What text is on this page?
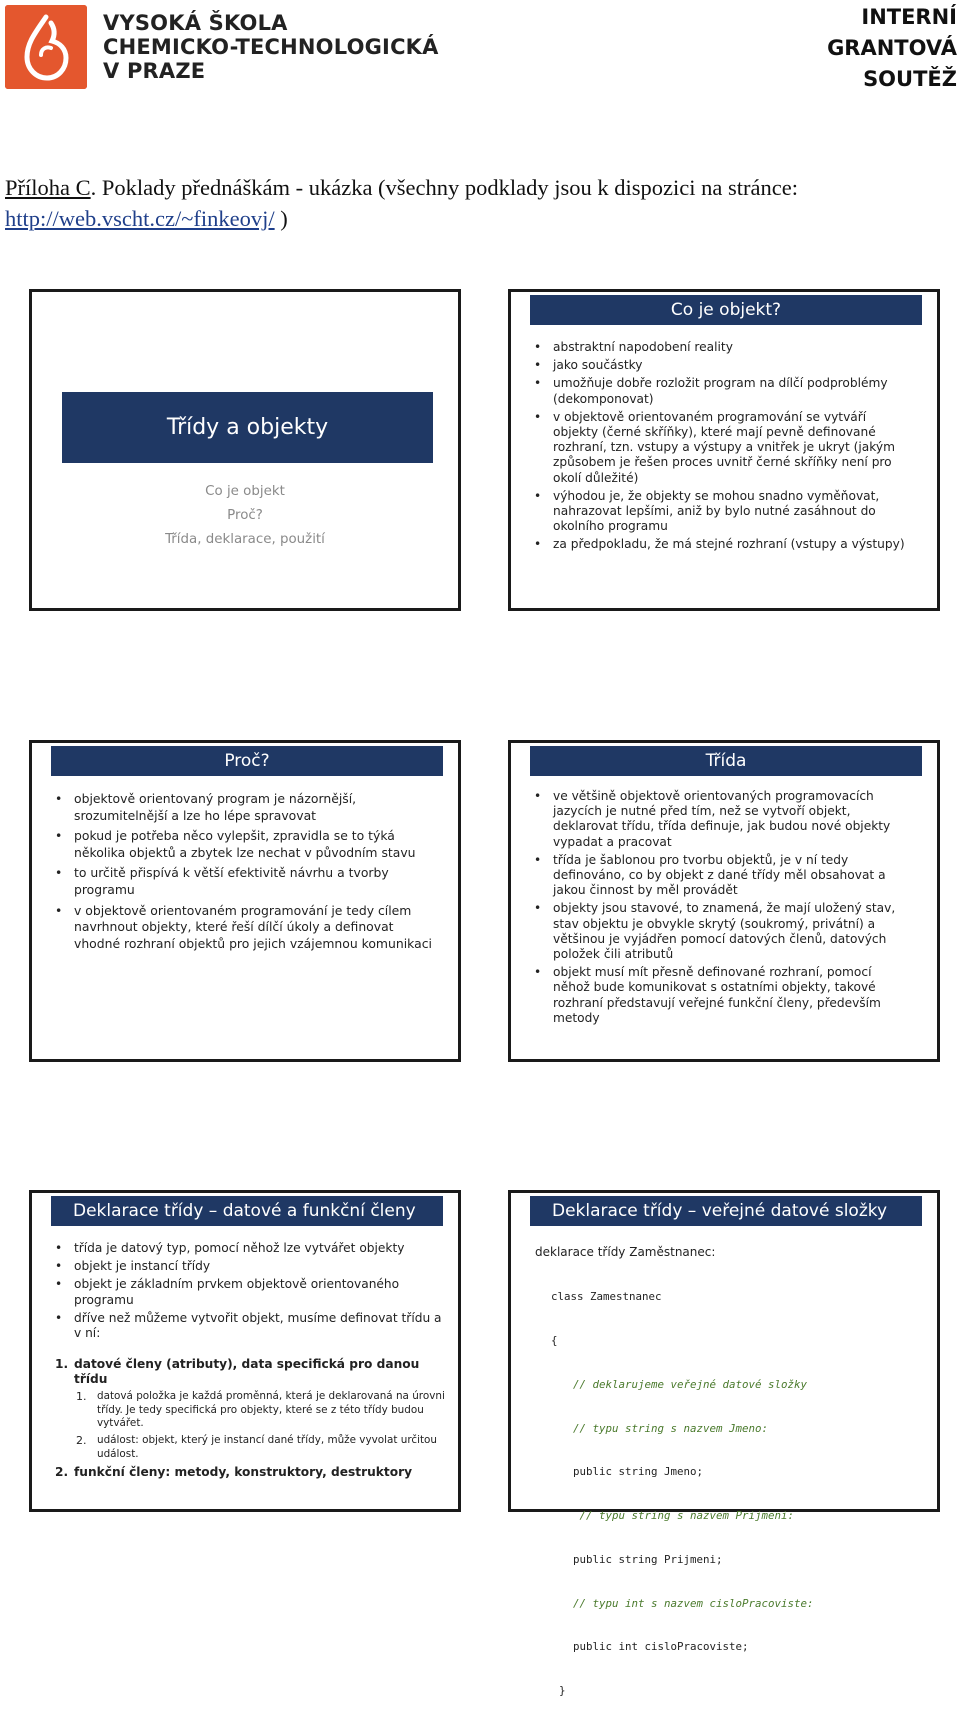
VYSOKÁ ŠKOLA
CHEMICKO-TECHNOLOGICKÁ
V PRAZE
INTERNÍ
GRANTOVÁ
SOUTĚŽ
Příloha C. Poklady přednáškám - ukázka (všechny podklady jsou k dispozici na stránce: http://web.vscht.cz/~finkeovj/ )
Třídy a objekty
Co je objekt
Proč?
Třída, deklarace, použití
Co je objekt?
• abstraktní napodobení reality
• jako součástky
• umožňuje dobře rozložit program na dílčí podproblémy (dekomponovat)
• v objektově orientovaném programování se vytváří objekty (černé skříňky), které mají pevně definované rozhraní, tzn. vstupy a výstupy a vnitřek je ukryt (jakým způsobem je řešen proces uvnitř černé skříňky není pro okolí důležité)
• výhodou je, že objekty se mohou snadno vyměňovat, nahrazovat lepšími, aniž by bylo nutné zasáhnout do okolního programu
• za předpokladu, že má stejné rozhraní (vstupy a výstupy)
Proč?
• objektově orientovaný program je názornější, srozumitelnější a lze ho lépe spravovat
• pokud je potřeba něco vylepšit, zpravidla se to týká několika objektů a zbytek lze nechat v původním stavu
• to určitě přispívá k větší efektivitě návrhu a tvorby programu
• v objektově orientovaném programování je tedy cílem navrhnout objekty, které řeší dílčí úkoly a definovat vhodné rozhraní objektů pro jejich vzájemnou komunikaci
Třída
• ve většině objektově orientovaných programovacích jazycích je nutné před tím, než se vytvoří objekt, deklarovat třídu, třída definuje, jak budou nové objekty vypadat a pracovat
• třída je šablonou pro tvorbu objektů, je v ní tedy definováno, co by objekt z dané třídy měl obsahovat a jakou činnost by měl provádět
• objekty jsou stavové, to znamená, že mají uložený stav, stav objektu je obvykle skrytý (soukromý, privátní) a většinou je vyjádřen pomocí datových členů, datových položek čili atributů
• objekt musí mít přesně definované rozhraní, pomocí něhož bude komunikovat s ostatními objekty, takové rozhraní představují veřejné funkční členy, především metody
Deklarace třídy – datové a funkční členy
• třída je datový typ, pomocí něhož lze vytvářet objekty
• objekt je instancí třídy
• objekt je základním prvkem objektově orientovaného programu
• dříve než můžeme vytvořit objekt, musíme definovat třídu a v ní:
1. datové členy (atributy), data specifická pro danou třídu
1. datová položka je každá proměnná, která je deklarovaná na úrovni třídy. Je tedy specifická pro objekty, které se z této třídy budou vytvářet.
2. událost: objekt, který je instancí dané třídy, může vyvolat určitou událost.
2. funkční členy: metody, konstruktory, destruktory
Deklarace třídy – veřejné datové složky
deklarace třídy Zaměstnanec:

class Zamestnanec

{

// deklarujeme veřejné datové složky

// typu string s nazvem Jmeno:

public string Jmeno;

// typu string s nazvem Prijmeni:

public string Prijmeni;

// typu int s nazvem cisloPracoviste:

public int cisloPracoviste;

}
